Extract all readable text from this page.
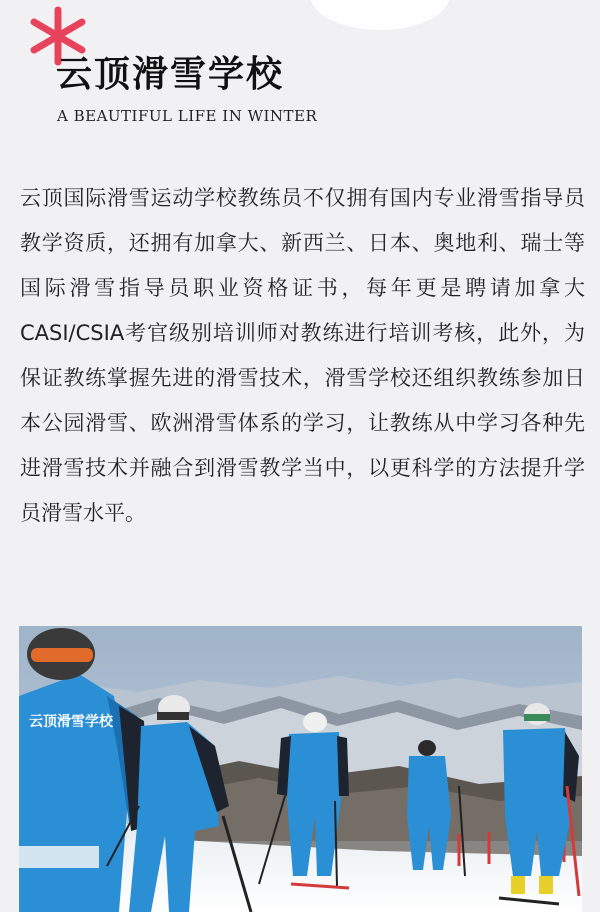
云顶滑雪学校
A BEAUTIFUL LIFE IN WINTER
云顶国际滑雪运动学校教练员不仅拥有国内专业滑雪指导员教学资质，还拥有加拿大、新西兰、日本、奥地利、瑞士等国际滑雪指导员职业资格证书，每年更是聘请加拿大CASI/CSIA考官级别培训师对教练进行培训考核，此外，为保证教练掌握先进的滑雪技术，滑雪学校还组织教练参加日本公园滑雪、欧洲滑雪体系的学习，让教练从中学习各种先进滑雪技术并融合到滑雪教学当中，以更科学的方法提升学员滑雪水平。
云顶滑雪学校
